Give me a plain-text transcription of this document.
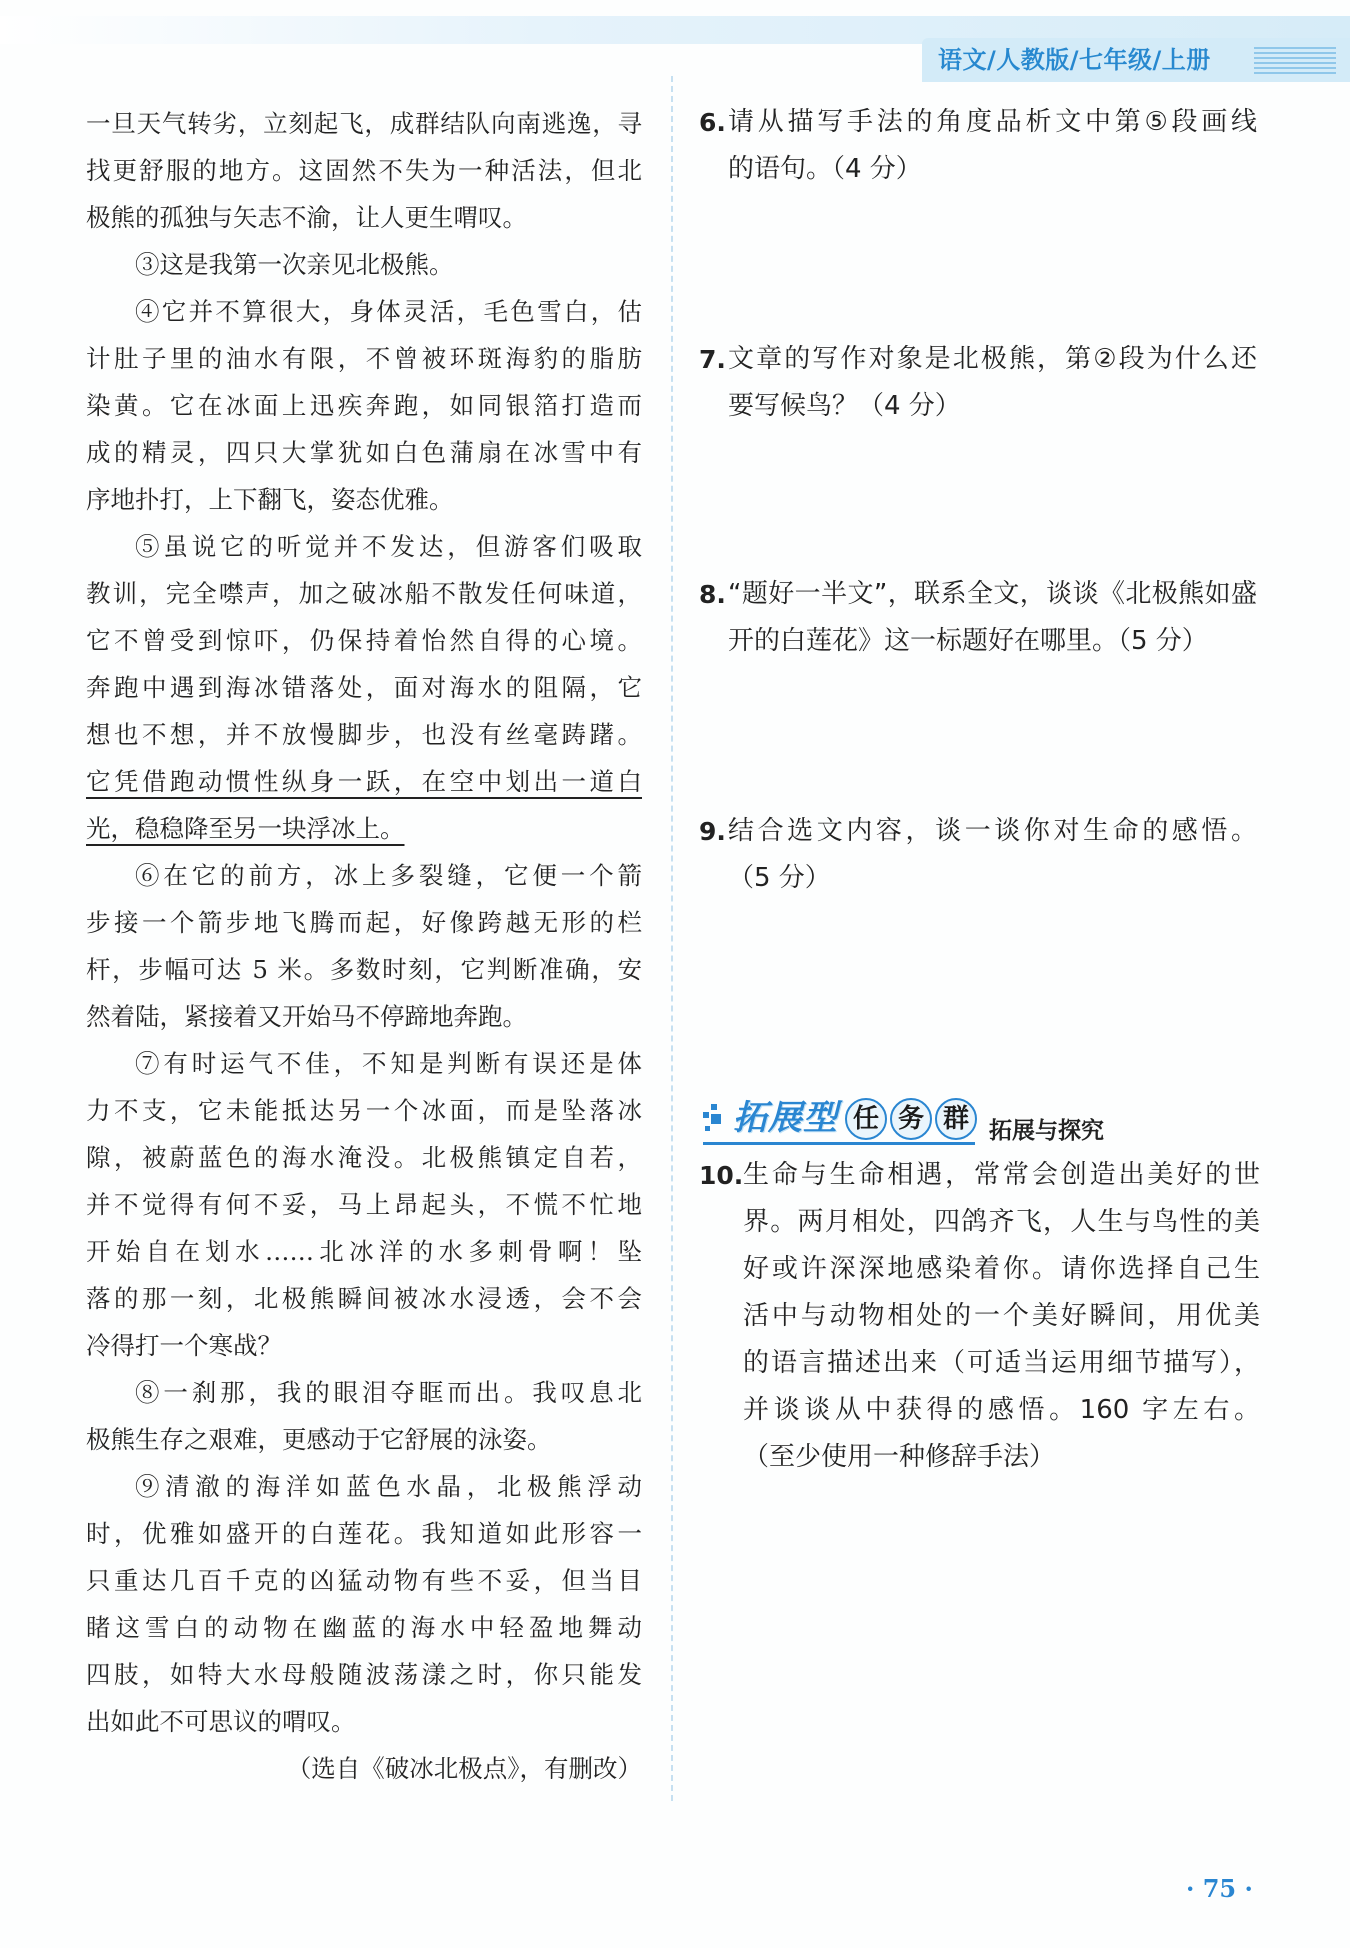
语文/人教版/七年级/上册
一旦天气转劣，立刻起飞，成群结队向南逃逸，寻
找更舒服的地方。这固然不失为一种活法，但北
极熊的孤独与矢志不渝，让人更生喟叹。
③这是我第一次亲见北极熊。
④它并不算很大，身体灵活，毛色雪白，估
计肚子里的油水有限，不曾被环斑海豹的脂肪
染黄。它在冰面上迅疾奔跑，如同银箔打造而
成的精灵，四只大掌犹如白色蒲扇在冰雪中有
序地扑打，上下翻飞，姿态优雅。
⑤虽说它的听觉并不发达，但游客们吸取
教训，完全噤声，加之破冰船不散发任何味道，
它不曾受到惊吓，仍保持着怡然自得的心境。
奔跑中遇到海冰错落处，面对海水的阻隔，它
想也不想，并不放慢脚步，也没有丝毫踌躇。
它凭借跑动惯性纵身一跃，在空中划出一道白
光，稳稳降至另一块浮冰上。
⑥在它的前方，冰上多裂缝，它便一个箭
步接一个箭步地飞腾而起，好像跨越无形的栏
杆，步幅可达 5 米。多数时刻，它判断准确，安
然着陆，紧接着又开始马不停蹄地奔跑。
⑦有时运气不佳，不知是判断有误还是体
力不支，它未能抵达另一个冰面，而是坠落冰
隙，被蔚蓝色的海水淹没。北极熊镇定自若，
并不觉得有何不妥，马上昂起头，不慌不忙地
开始自在划水……北冰洋的水多刺骨啊！坠
落的那一刻，北极熊瞬间被冰水浸透，会不会
冷得打一个寒战？
⑧一刹那，我的眼泪夺眶而出。我叹息北
极熊生存之艰难，更感动于它舒展的泳姿。
⑨清澈的海洋如蓝色水晶，北极熊浮动
时，优雅如盛开的白莲花。我知道如此形容一
只重达几百千克的凶猛动物有些不妥，但当目
睹这雪白的动物在幽蓝的海水中轻盈地舞动
四肢，如特大水母般随波荡漾之时，你只能发
出如此不可思议的喟叹。
（选自《破冰北极点》，有删改）
6. 请从描写手法的角度品析文中第⑤段画线
的语句。（4 分）
7. 文章的写作对象是北极熊，第②段为什么还
要写候鸟？（4 分）
8. “题好一半文”，联系全文，谈谈《北极熊如盛
开的白莲花》这一标题好在哪里。（5 分）
9. 结合选文内容，谈一谈你对生命的感悟。
（5 分）
拓展型 任 务 群 拓展与探究
10. 生命与生命相遇，常常会创造出美好的世
界。两月相处，四鸽齐飞，人生与鸟性的美
好或许深深地感染着你。请你选择自己生
活中与动物相处的一个美好瞬间，用优美
的语言描述出来（可适当运用细节描写），
并谈谈从中获得的感悟。160 字左右。
（至少使用一种修辞手法）
· 75 ·
